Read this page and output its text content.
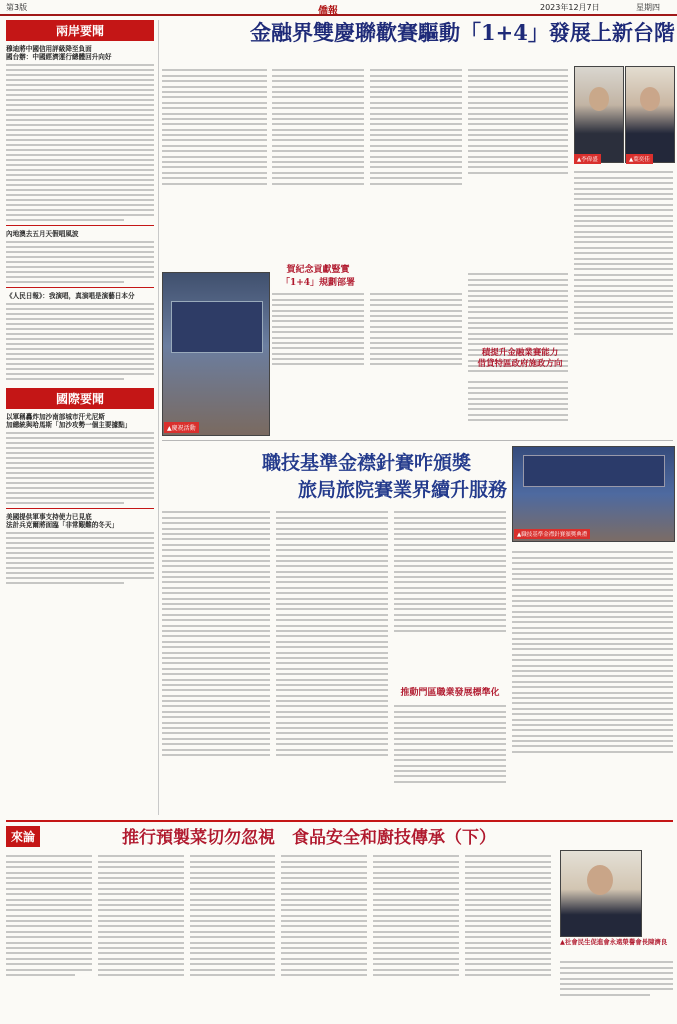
第3版	僑報	2023年12月7日	星期四
兩岸要聞
穆迪將中國信用評級降至負面
國台辦：中國經濟運行總體回升向好
內地澳去五月天假唱風波
《人民日報》：我演唱，真演唱是演藝日本分
國際要聞
以軍稱轟炸加沙南部城市汗尤尼斯
加總統與哈馬斯「加沙攻勢一個主要據點」
美國提供軍事支持使力已見底
法計兵克爾將面臨「非常艱難的冬天」
金融界雙慶聯歡賽驅動「1+4」發展上新台階
賀紀念貢獻豎實「1+4」規劃部署
▲慶祝活動
▲李偉盛	▲葉奕佳
積提升金融業賽能力
借貸特區政府施政方向
職技基準金襟針賽咋頒獎
旅局旅院賽業界續升服務
▲職技基準金襟針賽頒獎典禮
推動門區職業發展標準化
來論	推行預製菜切勿忽視　食品安全和廚技傳承（下）
▲社會民生促進會永遠榮譽會長陳濟良
